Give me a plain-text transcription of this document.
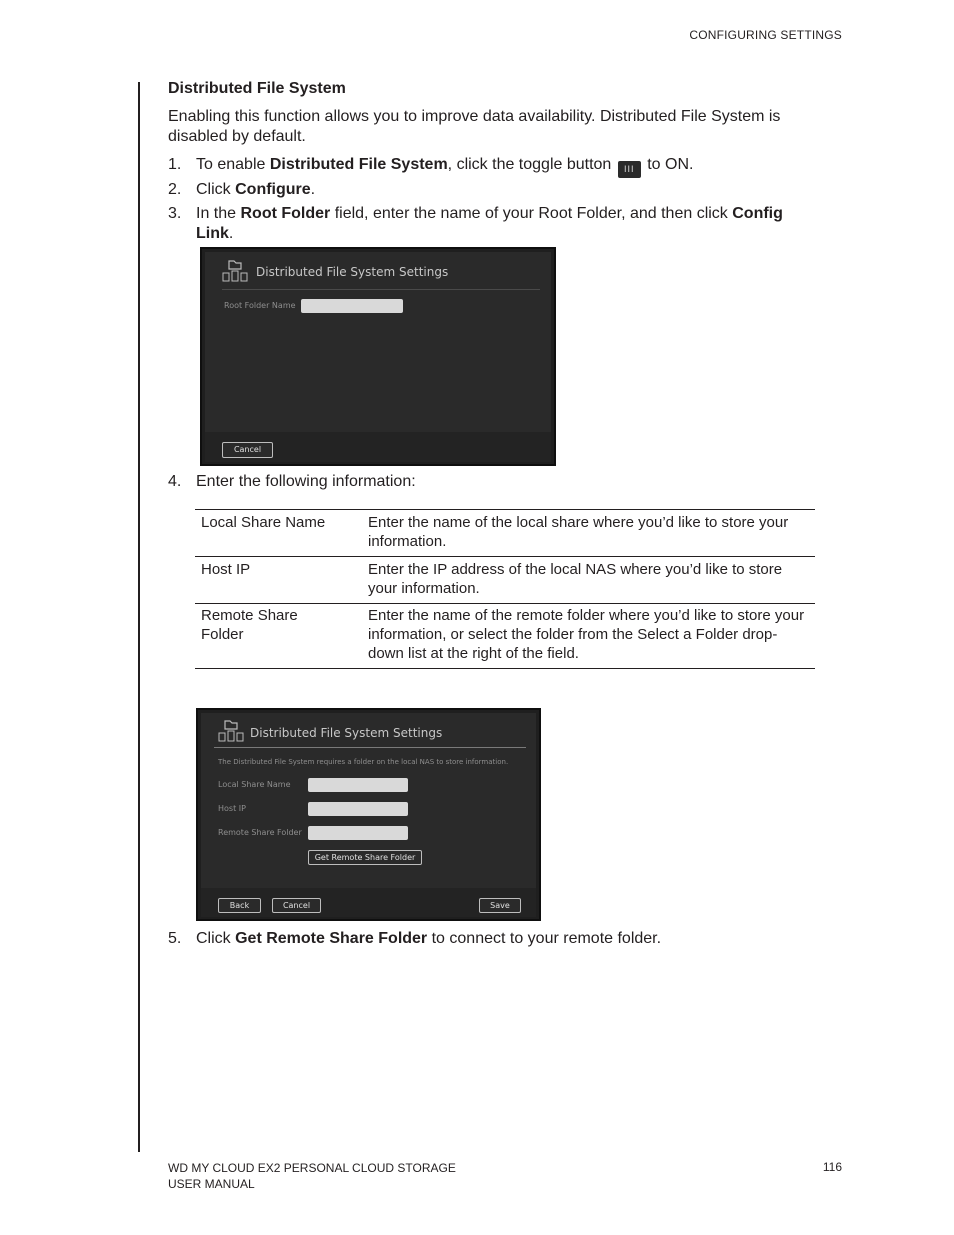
CONFIGURING SETTINGS
Distributed File System
Enabling this function allows you to improve data availability. Distributed File System is disabled by default.
1. To enable Distributed File System, click the toggle button III to ON.
2. Click Configure.
3. In the Root Folder field, enter the name of your Root Folder, and then click Config Link.
Distributed File System Settings
Root Folder Name
Cancel
4. Enter the following information:
Local Share Name	Enter the name of the local share where you’d like to store your information.
Host IP	Enter the IP address of the local NAS where you’d like to store your information.
Remote Share Folder	Enter the name of the remote folder where you’d like to store your information, or select the folder from the Select a Folder drop-down list at the right of the field.
Distributed File System Settings
The Distributed File System requires a folder on the local NAS to store information.
Local Share Name
Host IP
Remote Share Folder
Get Remote Share Folder
Back	Cancel	Save
5. Click Get Remote Share Folder to connect to your remote folder.
WD MY CLOUD EX2 PERSONAL CLOUD STORAGE
USER MANUAL
116
